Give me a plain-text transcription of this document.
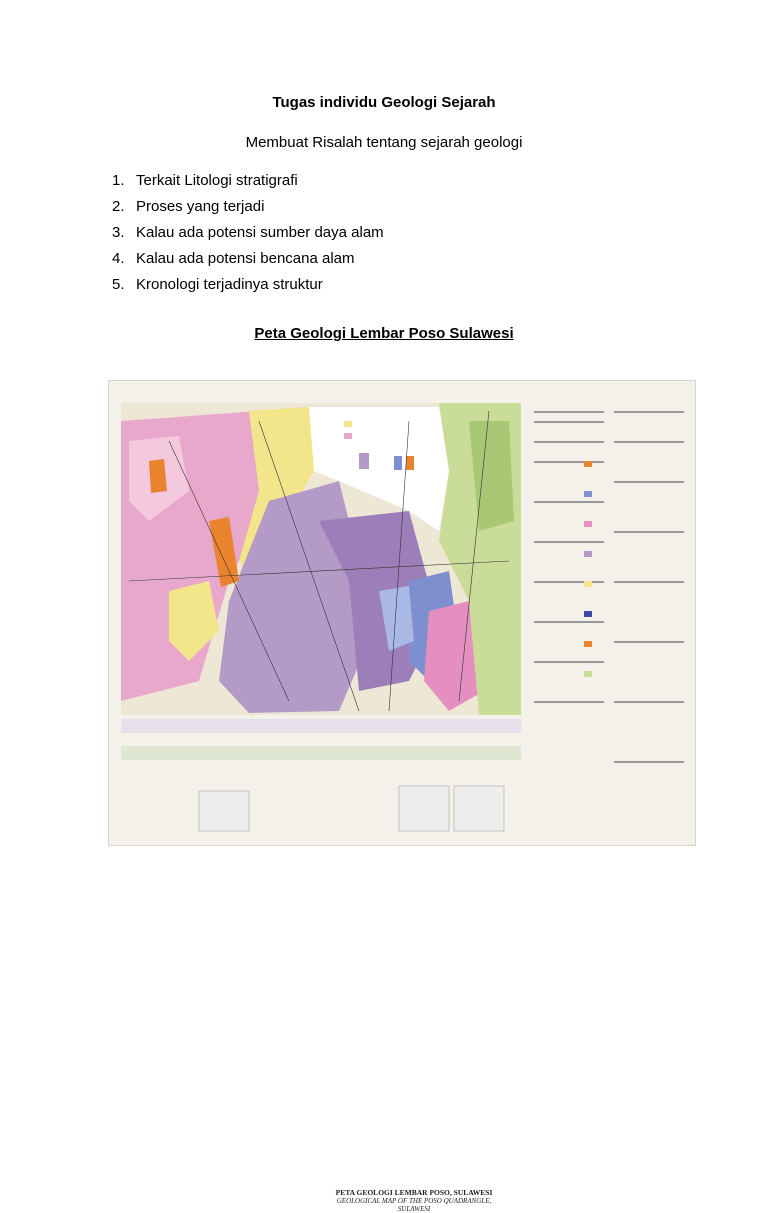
Tugas individu Geologi Sejarah
Membuat Risalah tentang sejarah geologi
1. Terkait Litologi stratigrafi
2. Proses yang terjadi
3. Kalau ada potensi sumber daya alam
4. Kalau ada potensi bencana alam
5. Kronologi terjadinya struktur
Peta Geologi Lembar Poso Sulawesi
PETA GEOLOGI LEMBAR POSO, SULAWESI
GEOLOGICAL MAP OF THE POSO QUADRANGLE, SULAWESI
